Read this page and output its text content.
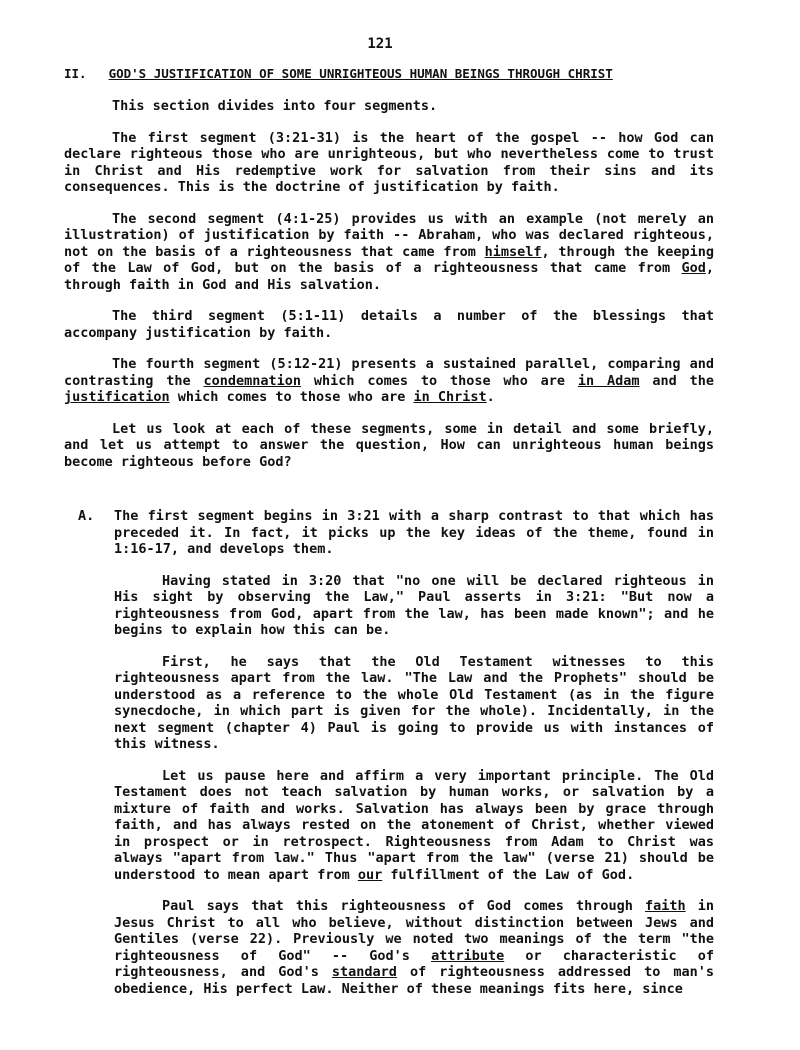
121
II. GOD'S JUSTIFICATION OF SOME UNRIGHTEOUS HUMAN BEINGS THROUGH CHRIST

This section divides into four segments.

The first segment (3:21-31) is the heart of the gospel -- how God can declare righteous those who are unrighteous, but who nevertheless come to trust in Christ and His redemptive work for salvation from their sins and its consequences. This is the doctrine of justification by faith.

The second segment (4:1-25) provides us with an example (not merely an illustration) of justification by faith -- Abraham, who was declared righteous, not on the basis of a righteousness that came from himself, through the keeping of the Law of God, but on the basis of a righteousness that came from God, through faith in God and His salvation.

The third segment (5:1-11) details a number of the blessings that accompany justification by faith.

The fourth segment (5:12-21) presents a sustained parallel, comparing and contrasting the condemnation which comes to those who are in Adam and the justification which comes to those who are in Christ.

Let us look at each of these segments, some in detail and some briefly, and let us attempt to answer the question, How can unrighteous human beings become righteous before God?

A. The first segment begins in 3:21 with a sharp contrast to that which has preceded it. In fact, it picks up the key ideas of the theme, found in 1:16-17, and develops them.

Having stated in 3:20 that "no one will be declared righteous in His sight by observing the Law," Paul asserts in 3:21: "But now a righteousness from God, apart from the law, has been made known"; and he begins to explain how this can be.

First, he says that the Old Testament witnesses to this righteousness apart from the law. "The Law and the Prophets" should be understood as a reference to the whole Old Testament (as in the figure synecdoche, in which part is given for the whole). Incidentally, in the next segment (chapter 4) Paul is going to provide us with instances of this witness.

Let us pause here and affirm a very important principle. The Old Testament does not teach salvation by human works, or salvation by a mixture of faith and works. Salvation has always been by grace through faith, and has always rested on the atonement of Christ, whether viewed in prospect or in retrospect. Righteousness from Adam to Christ was always "apart from law." Thus "apart from the law" (verse 21) should be understood to mean apart from our fulfillment of the Law of God.

Paul says that this righteousness of God comes through faith in Jesus Christ to all who believe, without distinction between Jews and Gentiles (verse 22). Previously we noted two meanings of the term "the righteousness of God" -- God's attribute or characteristic of righteousness, and God's standard of righteousness addressed to man's obedience, His perfect Law. Neither of these meanings fits here, since
